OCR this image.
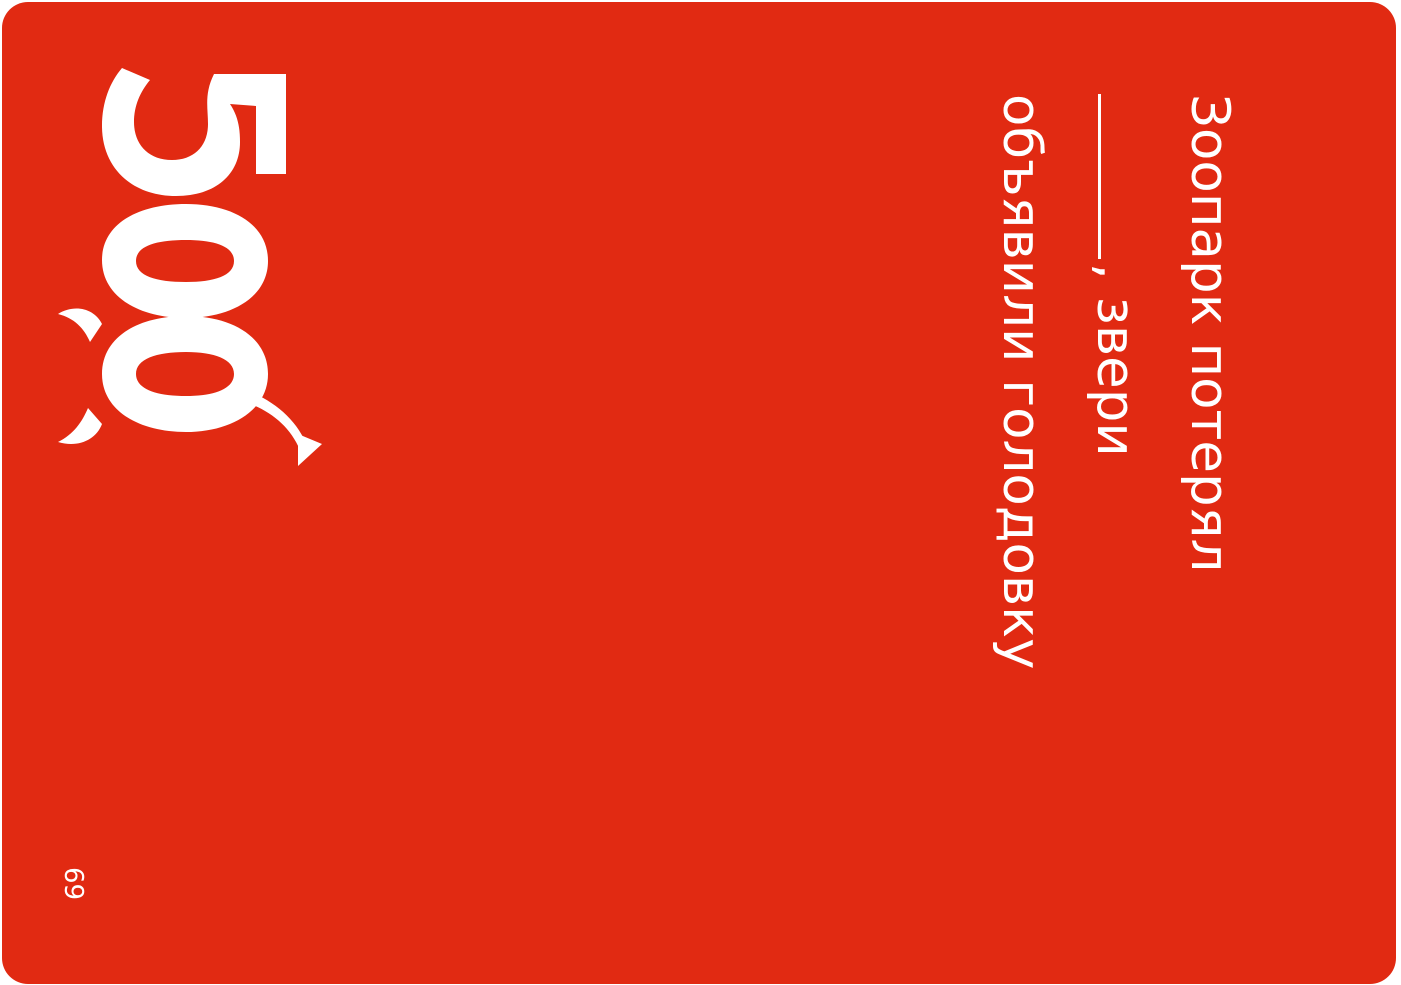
Зоопарк потерял
, звери
объявили голодовку

500
69
